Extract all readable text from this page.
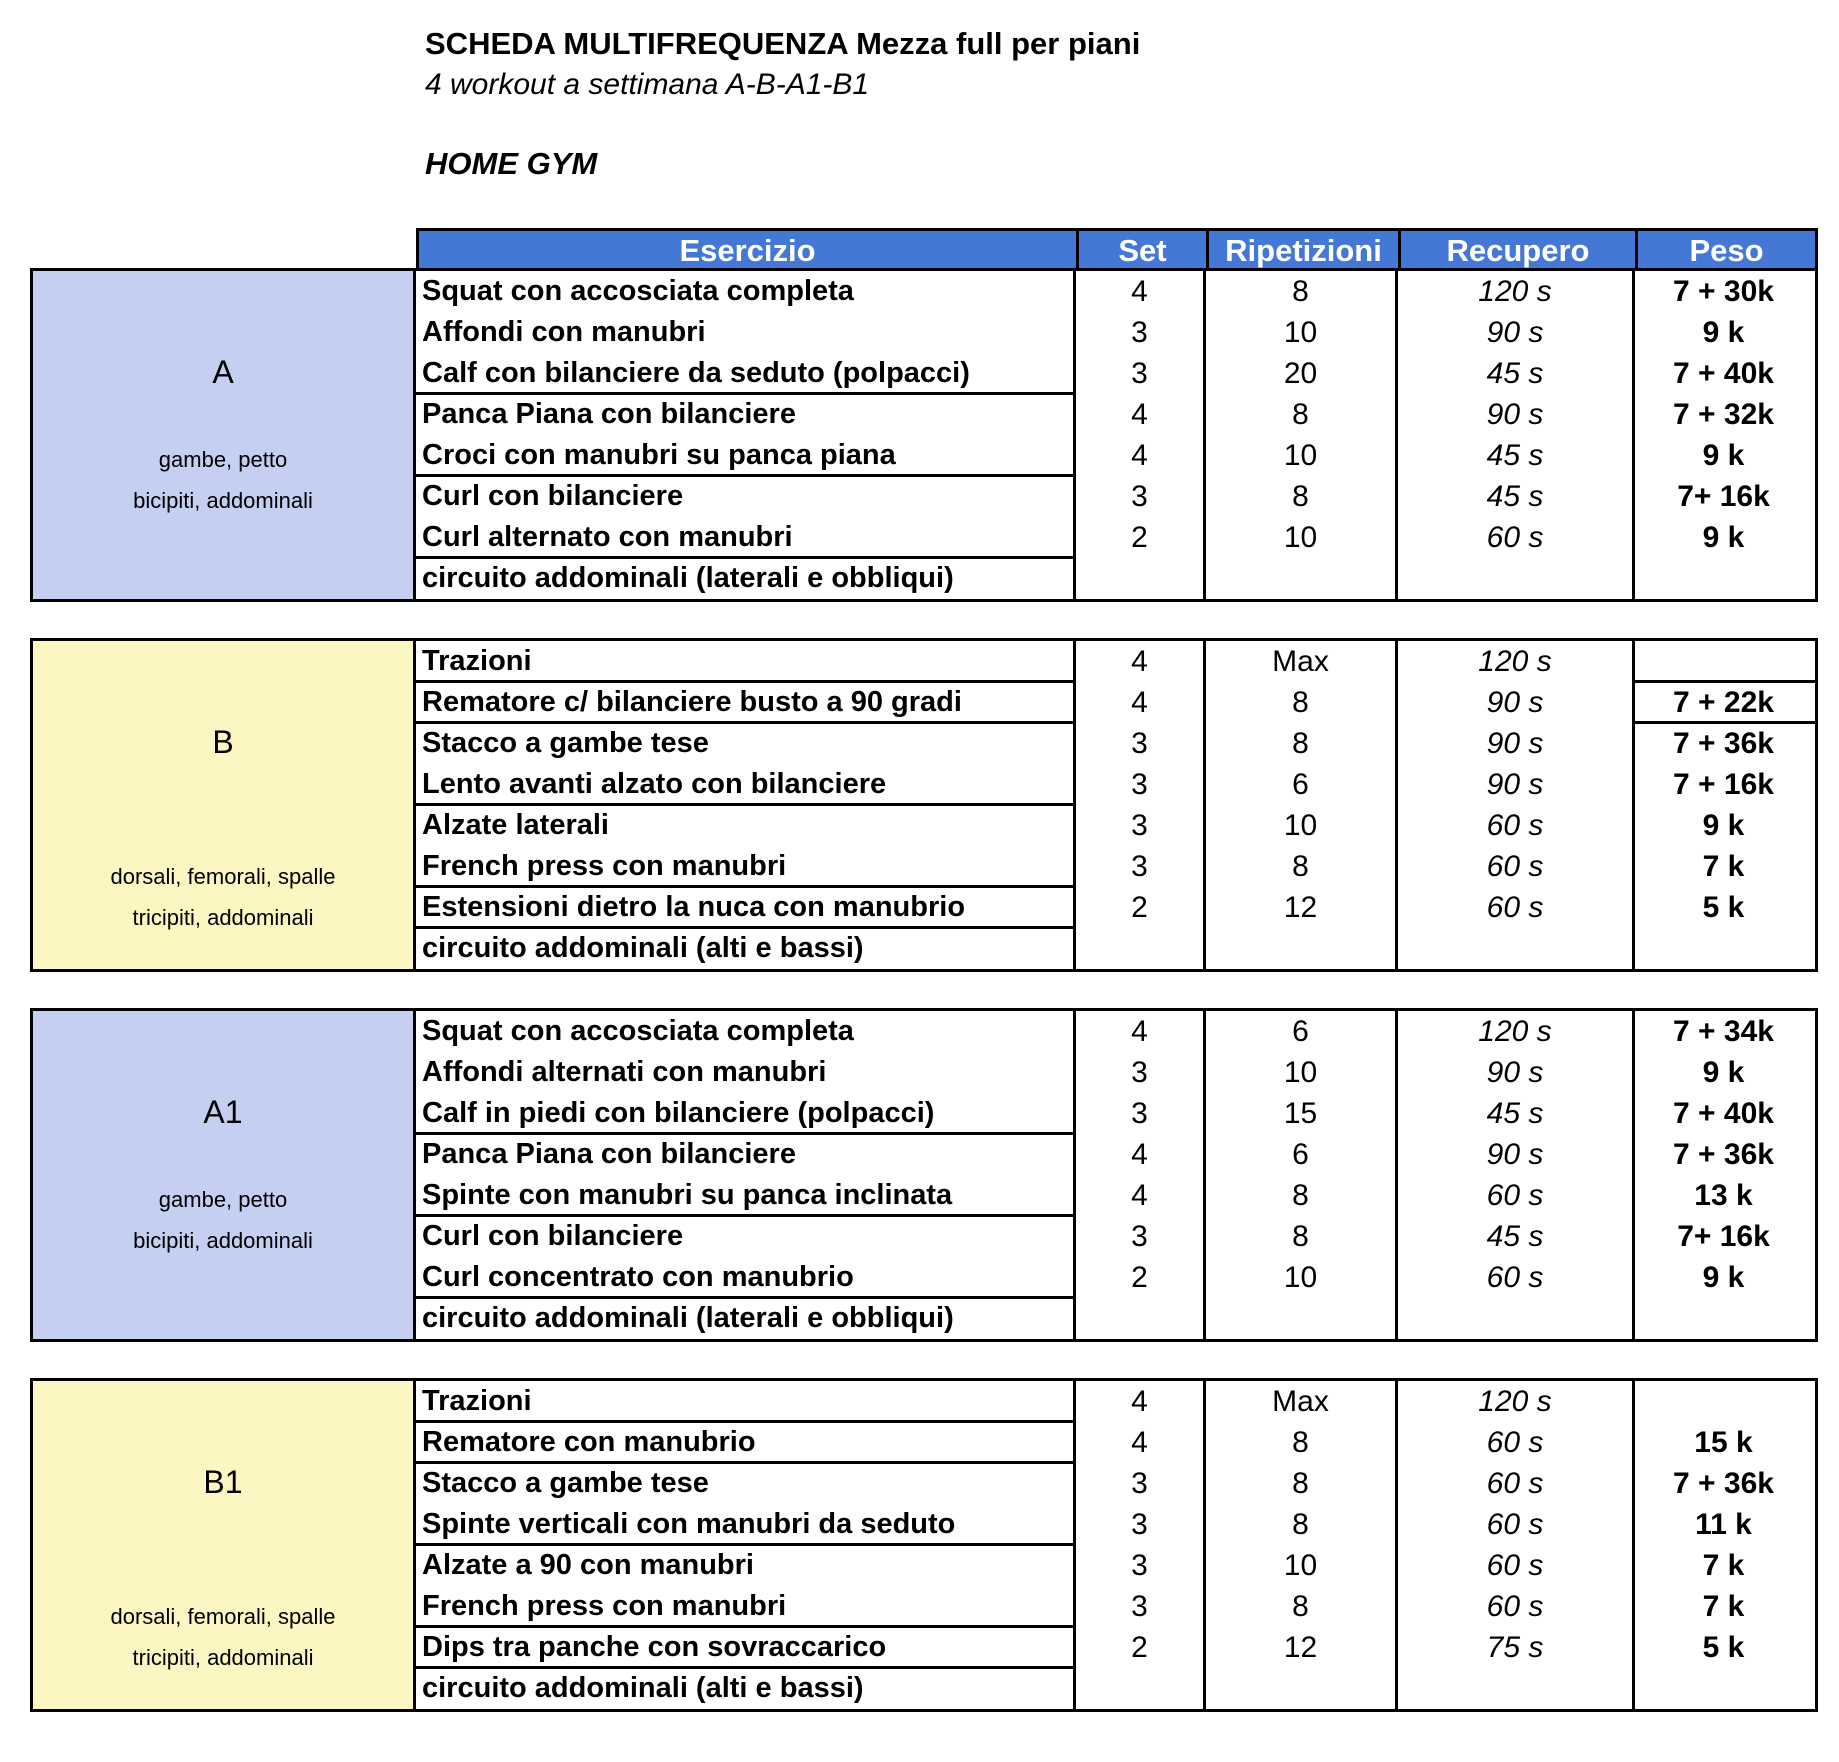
SCHEDA MULTIFREQUENZA Mezza full per piani
4 workout a settimana A-B-A1-B1
HOME GYM
Esercizio	Set	Ripetizioni	Recupero	Peso
A
gambe, petto
bicipiti, addominali
Squat con accosciata completa	4	8	120 s	7 + 30k
Affondi con manubri	3	10	90 s	9 k
Calf con bilanciere da seduto (polpacci)	3	20	45 s	7 + 40k
Panca Piana con bilanciere	4	8	90 s	7 + 32k
Croci con manubri su panca piana	4	10	45 s	9 k
Curl con bilanciere	3	8	45 s	7+ 16k
Curl alternato con manubri	2	10	60 s	9 k
circuito addominali (laterali e obbliqui)
B
dorsali, femorali, spalle
tricipiti, addominali
Trazioni	4	Max	120 s
Rematore c/ bilanciere busto a 90 gradi	4	8	90 s	7 + 22k
Stacco a gambe tese	3	8	90 s	7 + 36k
Lento avanti alzato con bilanciere	3	6	90 s	7 + 16k
Alzate laterali	3	10	60 s	9 k
French press con manubri	3	8	60 s	7 k
Estensioni dietro la nuca con manubrio	2	12	60 s	5 k
circuito addominali (alti e bassi)
A1
gambe, petto
bicipiti, addominali
Squat con accosciata completa	4	6	120 s	7 + 34k
Affondi alternati con manubri	3	10	90 s	9 k
Calf in piedi con bilanciere (polpacci)	3	15	45 s	7 + 40k
Panca Piana con bilanciere	4	6	90 s	7 + 36k
Spinte con manubri su panca inclinata	4	8	60 s	13 k
Curl con bilanciere	3	8	45 s	7+ 16k
Curl concentrato con manubrio	2	10	60 s	9 k
circuito addominali (laterali e obbliqui)
B1
dorsali, femorali, spalle
tricipiti, addominali
Trazioni	4	Max	120 s
Rematore con manubrio	4	8	60 s	15 k
Stacco a gambe tese	3	8	60 s	7 + 36k
Spinte verticali con manubri da seduto	3	8	60 s	11 k
Alzate a 90 con manubri	3	10	60 s	7 k
French press con manubri	3	8	60 s	7 k
Dips tra panche con sovraccarico	2	12	75 s	5 k
circuito addominali (alti e bassi)
